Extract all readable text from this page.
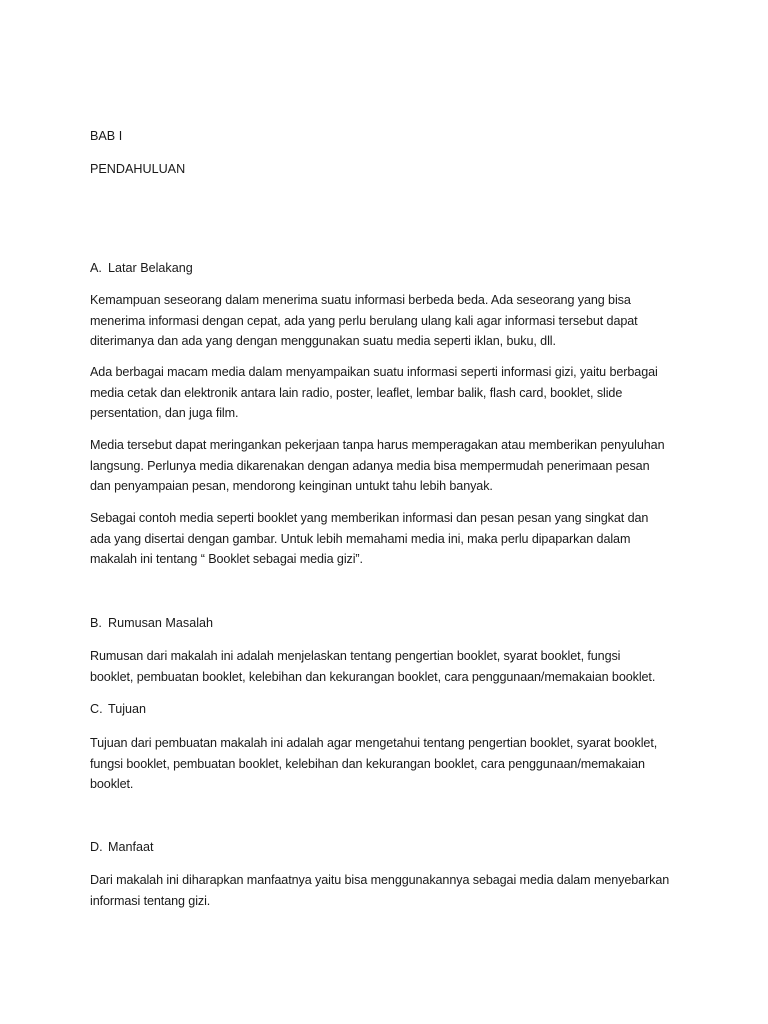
BAB I

PENDAHULUAN

A. Latar Belakang

Kemampuan seseorang dalam menerima suatu informasi berbeda beda. Ada seseorang yang bisa
menerima informasi dengan cepat, ada yang perlu berulang ulang kali agar informasi tersebut dapat
diterimanya dan ada yang dengan menggunakan suatu media seperti iklan, buku, dll.

Ada berbagai macam media dalam menyampaikan suatu informasi seperti informasi gizi, yaitu berbagai
media cetak dan elektronik antara lain radio, poster, leaflet, lembar balik, flash card, booklet, slide
persentation, dan juga film.

Media tersebut dapat meringankan pekerjaan tanpa harus memperagakan atau memberikan penyuluhan
langsung. Perlunya media dikarenakan dengan adanya media bisa mempermudah penerimaan pesan
dan penyampaian pesan, mendorong keinginan untukt tahu lebih banyak.

Sebagai contoh media seperti booklet yang memberikan informasi dan pesan pesan yang singkat dan
ada yang disertai dengan gambar. Untuk lebih memahami media ini, maka perlu dipaparkan dalam
makalah ini tentang “ Booklet sebagai media gizi”.

B. Rumusan Masalah

Rumusan dari makalah ini adalah menjelaskan tentang pengertian booklet, syarat booklet, fungsi
booklet, pembuatan booklet, kelebihan dan kekurangan booklet, cara penggunaan/memakaian booklet.

C. Tujuan

Tujuan dari pembuatan makalah ini adalah agar mengetahui tentang pengertian booklet, syarat booklet,
fungsi booklet, pembuatan booklet, kelebihan dan kekurangan booklet, cara penggunaan/memakaian
booklet.

D. Manfaat

Dari makalah ini diharapkan manfaatnya yaitu bisa menggunakannya sebagai media dalam menyebarkan
informasi tentang gizi.
